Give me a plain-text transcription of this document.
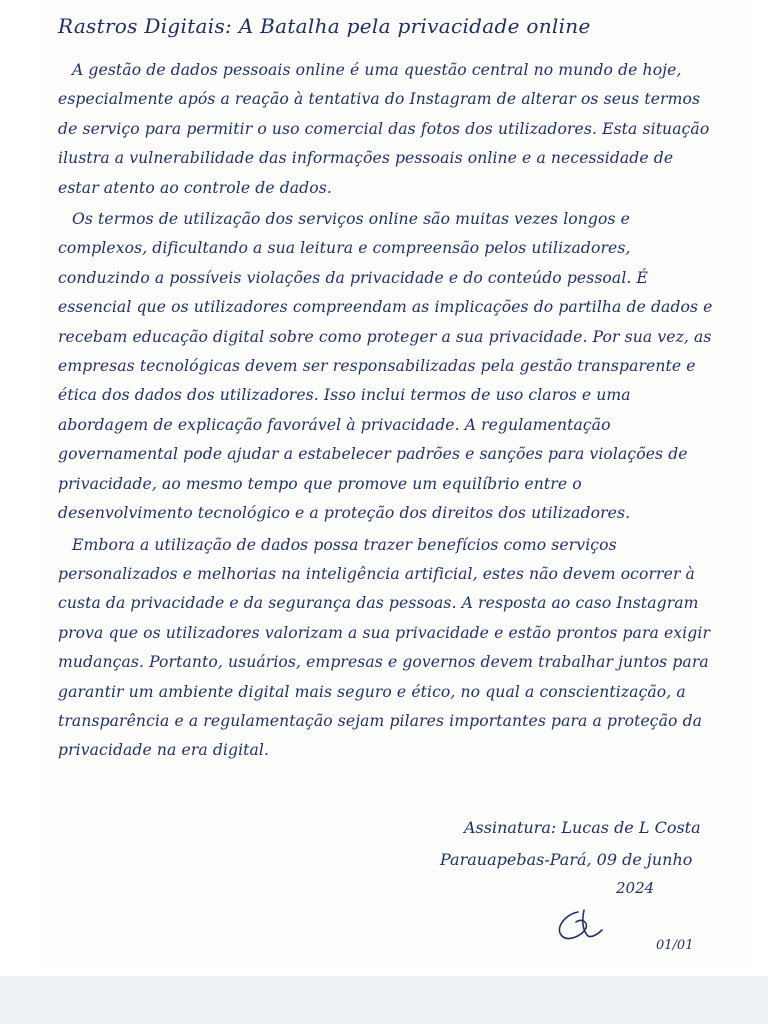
Rastros Digitais: A Batalha pela privacidade online

A gestão de dados pessoais online é uma questão central no mundo de hoje, especialmente após a reação à tentativa do Instagram de alterar os seus termos de serviço para permitir o uso comercial das fotos dos utilizadores. Esta situação ilustra a vulnerabilidade das informações pessoais online e a necessidade de estar atento ao controle de dados.

Os termos de utilização dos serviços online são muitas vezes longos e complexos, dificultando a sua leitura e compreensão pelos utilizadores, conduzindo a possíveis violações da privacidade e do conteúdo pessoal. É essencial que os utilizadores compreendam as implicações do partilha de dados e recebam educação digital sobre como proteger a sua privacidade. Por sua vez, as empresas tecnológicas devem ser responsabilizadas pela gestão transparente e ética dos dados dos utilizadores. Isso inclui termos de uso claros e uma abordagem de explicação favorável à privacidade. A regulamentação governamental pode ajudar a estabelecer padrões e sanções para violações de privacidade, ao mesmo tempo que promove um equilíbrio entre o desenvolvimento tecnológico e a proteção dos direitos dos utilizadores.

Embora a utilização de dados possa trazer benefícios como serviços personalizados e melhorias na inteligência artificial, estes não devem ocorrer à custa da privacidade e da segurança das pessoas. A resposta ao caso Instagram prova que os utilizadores valorizam a sua privacidade e estão prontos para exigir mudanças. Portanto, usuários, empresas e governos devem trabalhar juntos para garantir um ambiente digital mais seguro e ético, no qual a conscientização, a transparência e a regulamentação sejam pilares importantes para a proteção da privacidade na era digital.

Assinatura: Lucas de L Costa
Parauapebas-Pará, 09 de junho
2024
01/01
